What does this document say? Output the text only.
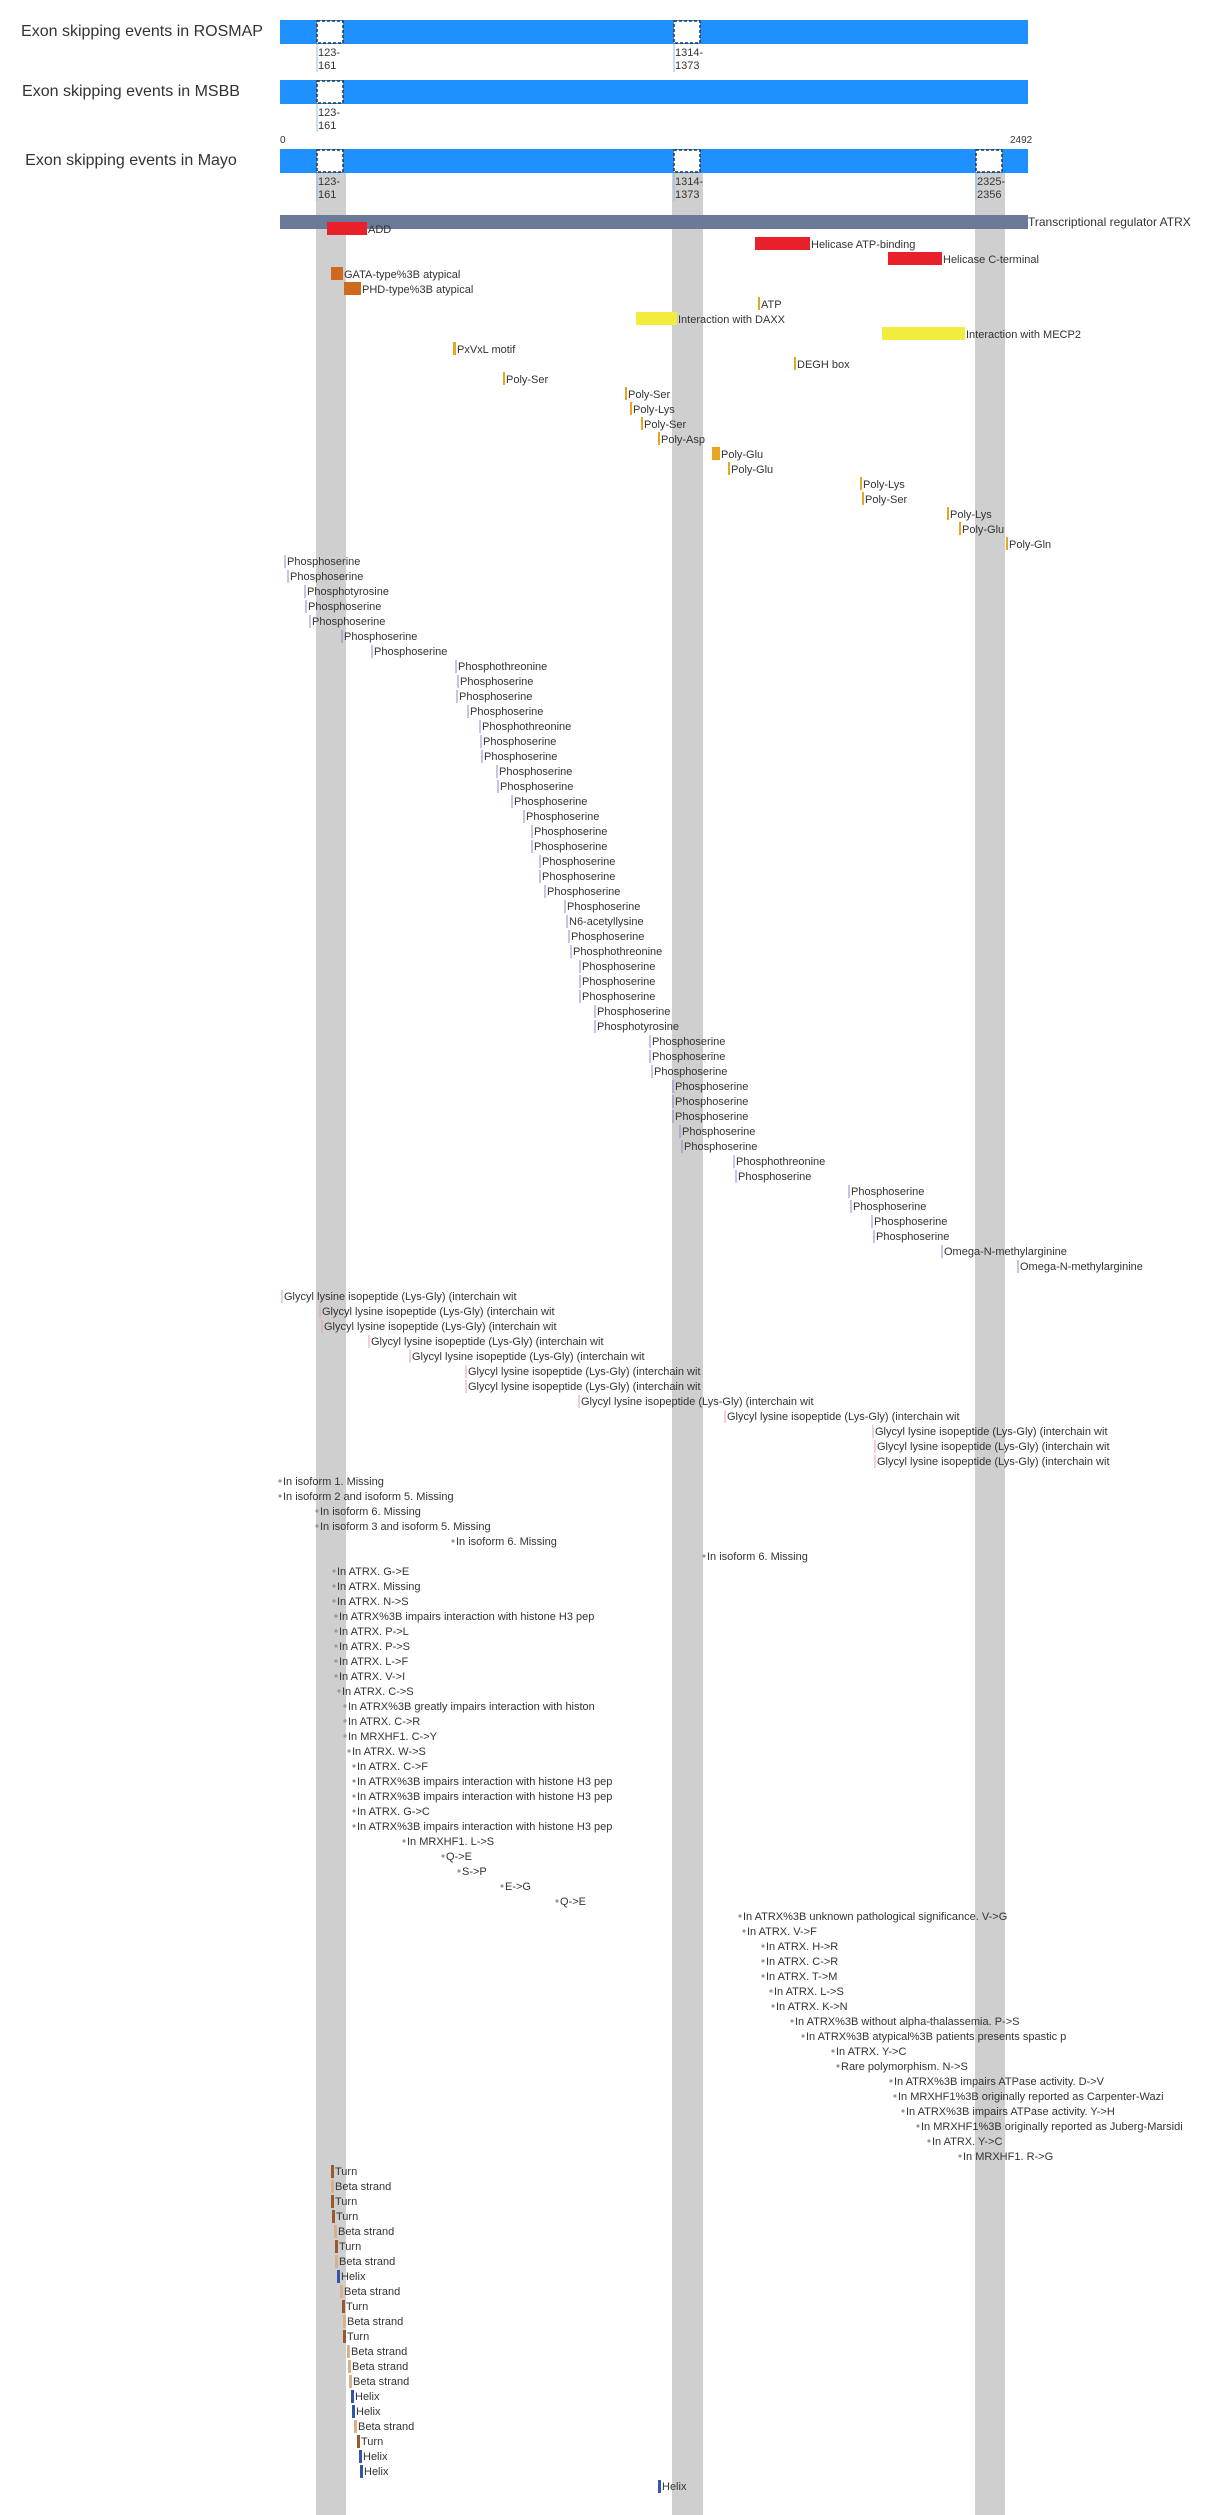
Exon skipping events in ROSMAP
123-
161
1314-
1373
Exon skipping events in MSBB
123-
161
Exon skipping events in Mayo
0	2492
123-
161
1314-
1373
2325-
2356
Transcriptional regulator ATRX
ADD
Helicase ATP-binding
Helicase C-terminal
GATA-type%3B atypical
PHD-type%3B atypical
ATP
Interaction with DAXX
Interaction with MECP2
PxVxL motif
DEGH box
Poly-Ser
Poly-Ser
Poly-Lys
Poly-Ser
Poly-Asp
Poly-Glu
Poly-Glu
Poly-Lys
Poly-Ser
Poly-Lys
Poly-Glu
Poly-Gln
Phosphoserine
Phosphoserine
Phosphotyrosine
Phosphoserine
Phosphoserine
Phosphoserine
Phosphoserine
Phosphothreonine
Phosphoserine
Phosphoserine
Phosphoserine
Phosphothreonine
Phosphoserine
Phosphoserine
Phosphoserine
Phosphoserine
Phosphoserine
Phosphoserine
Phosphoserine
Phosphoserine
Phosphoserine
Phosphoserine
Phosphoserine
Phosphoserine
N6-acetyllysine
Phosphoserine
Phosphothreonine
Phosphoserine
Phosphoserine
Phosphoserine
Phosphoserine
Phosphotyrosine
Phosphoserine
Phosphoserine
Phosphoserine
Phosphoserine
Phosphoserine
Phosphoserine
Phosphoserine
Phosphoserine
Phosphothreonine
Phosphoserine
Phosphoserine
Phosphoserine
Phosphoserine
Phosphoserine
Omega-N-methylarginine
Omega-N-methylarginine
Glycyl lysine isopeptide (Lys-Gly) (interchain wit
Glycyl lysine isopeptide (Lys-Gly) (interchain wit
Glycyl lysine isopeptide (Lys-Gly) (interchain wit
Glycyl lysine isopeptide (Lys-Gly) (interchain wit
Glycyl lysine isopeptide (Lys-Gly) (interchain wit
Glycyl lysine isopeptide (Lys-Gly) (interchain wit
Glycyl lysine isopeptide (Lys-Gly) (interchain wit
Glycyl lysine isopeptide (Lys-Gly) (interchain wit
Glycyl lysine isopeptide (Lys-Gly) (interchain wit
Glycyl lysine isopeptide (Lys-Gly) (interchain wit
Glycyl lysine isopeptide (Lys-Gly) (interchain wit
Glycyl lysine isopeptide (Lys-Gly) (interchain wit
In isoform 1. Missing
In isoform 2 and isoform 5. Missing
In isoform 6. Missing
In isoform 3 and isoform 5. Missing
In isoform 6. Missing
In isoform 6. Missing
In ATRX. G->E
In ATRX. Missing
In ATRX. N->S
In ATRX%3B impairs interaction with histone H3 pep
In ATRX. P->L
In ATRX. P->S
In ATRX. L->F
In ATRX. V->I
In ATRX. C->S
In ATRX%3B greatly impairs interaction with histon
In ATRX. C->R
In MRXHF1. C->Y
In ATRX. W->S
In ATRX. C->F
In ATRX%3B impairs interaction with histone H3 pep
In ATRX%3B impairs interaction with histone H3 pep
In ATRX. G->C
In ATRX%3B impairs interaction with histone H3 pep
In MRXHF1. L->S
Q->E
S->P
E->G
Q->E
In ATRX%3B unknown pathological significance. V->G
In ATRX. V->F
In ATRX. H->R
In ATRX. C->R
In ATRX. T->M
In ATRX. L->S
In ATRX. K->N
In ATRX%3B without alpha-thalassemia. P->S
In ATRX%3B atypical%3B patients presents spastic p
In ATRX. Y->C
Rare polymorphism. N->S
In ATRX%3B impairs ATPase activity. D->V
In MRXHF1%3B originally reported as Carpenter-Wazi
In ATRX%3B impairs ATPase activity. Y->H
In MRXHF1%3B originally reported as Juberg-Marsidi
In ATRX. Y->C
In MRXHF1. R->G
Turn
Beta strand
Turn
Turn
Beta strand
Turn
Beta strand
Helix
Beta strand
Turn
Beta strand
Turn
Beta strand
Beta strand
Beta strand
Helix
Helix
Beta strand
Turn
Helix
Helix
Helix
